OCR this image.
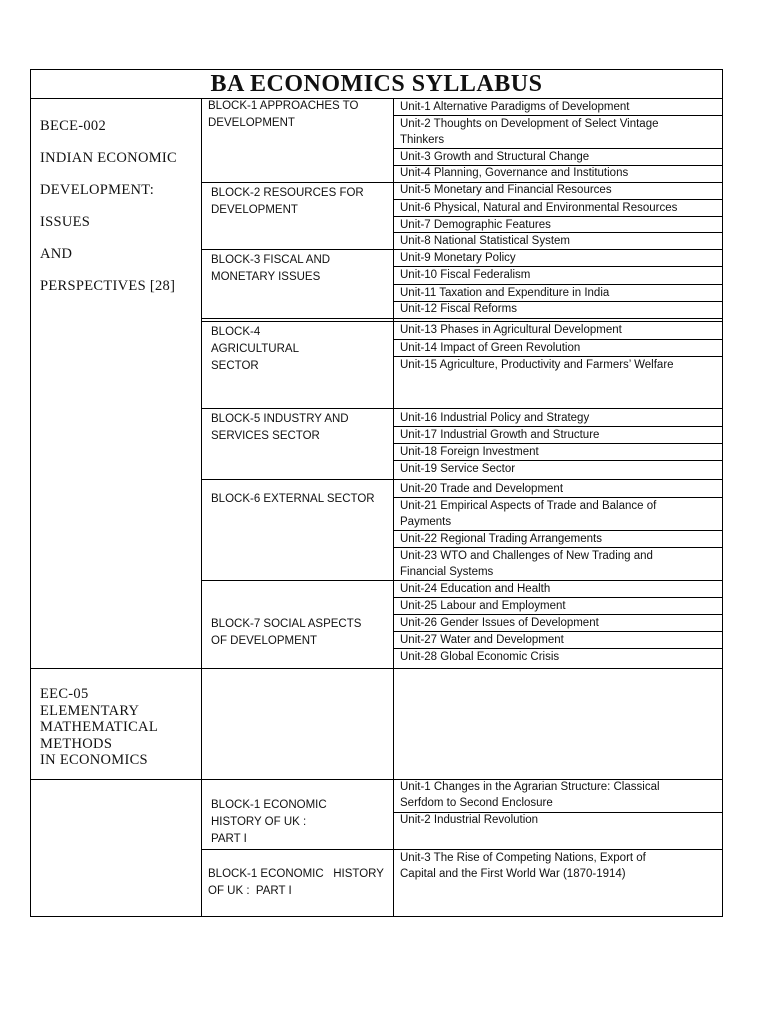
BA ECONOMICS SYLLABUS
BECE-002
INDIAN ECONOMIC
DEVELOPMENT:
ISSUES
AND
PERSPECTIVES [28]
BLOCK-1 APPROACHES TO
DEVELOPMENT
BLOCK-2 RESOURCES FOR
DEVELOPMENT
BLOCK-3 FISCAL AND
MONETARY ISSUES
BLOCK-4
AGRICULTURAL
SECTOR
BLOCK-5 INDUSTRY AND
SERVICES SECTOR
BLOCK-6 EXTERNAL SECTOR
BLOCK-7 SOCIAL ASPECTS
OF DEVELOPMENT
Unit-1 Alternative Paradigms of Development
Unit-2 Thoughts on Development of Select Vintage
Thinkers
Unit-3 Growth and Structural Change
Unit-4 Planning, Governance and Institutions
Unit-5 Monetary and Financial Resources
Unit-6 Physical, Natural and Environmental Resources
Unit-7 Demographic Features
Unit-8 National Statistical System
Unit-9 Monetary Policy
Unit-10 Fiscal Federalism
Unit-11 Taxation and Expenditure in India
Unit-12 Fiscal Reforms
Unit-13 Phases in Agricultural Development
Unit-14 Impact of Green Revolution
Unit-15 Agriculture, Productivity and Farmers’ Welfare
Unit-16 Industrial Policy and Strategy
Unit-17 Industrial Growth and Structure
Unit-18 Foreign Investment
Unit-19 Service Sector
Unit-20 Trade and Development
Unit-21 Empirical Aspects of Trade and Balance of
Payments
Unit-22 Regional Trading Arrangements
Unit-23 WTO and Challenges of New Trading and
Financial Systems
Unit-24 Education and Health
Unit-25 Labour and Employment
Unit-26 Gender Issues of Development
Unit-27 Water and Development
Unit-28 Global Economic Crisis
EEC-05
ELEMENTARY
MATHEMATICAL
METHODS
IN ECONOMICS
BLOCK-1 ECONOMIC
HISTORY OF UK :
PART I
BLOCK-1 ECONOMIC   HISTORY
OF UK :  PART I
Unit-1 Changes in the Agrarian Structure: Classical
Serfdom to Second Enclosure
Unit-2 Industrial Revolution
Unit-3 The Rise of Competing Nations, Export of
Capital and the First World War (1870-1914)
